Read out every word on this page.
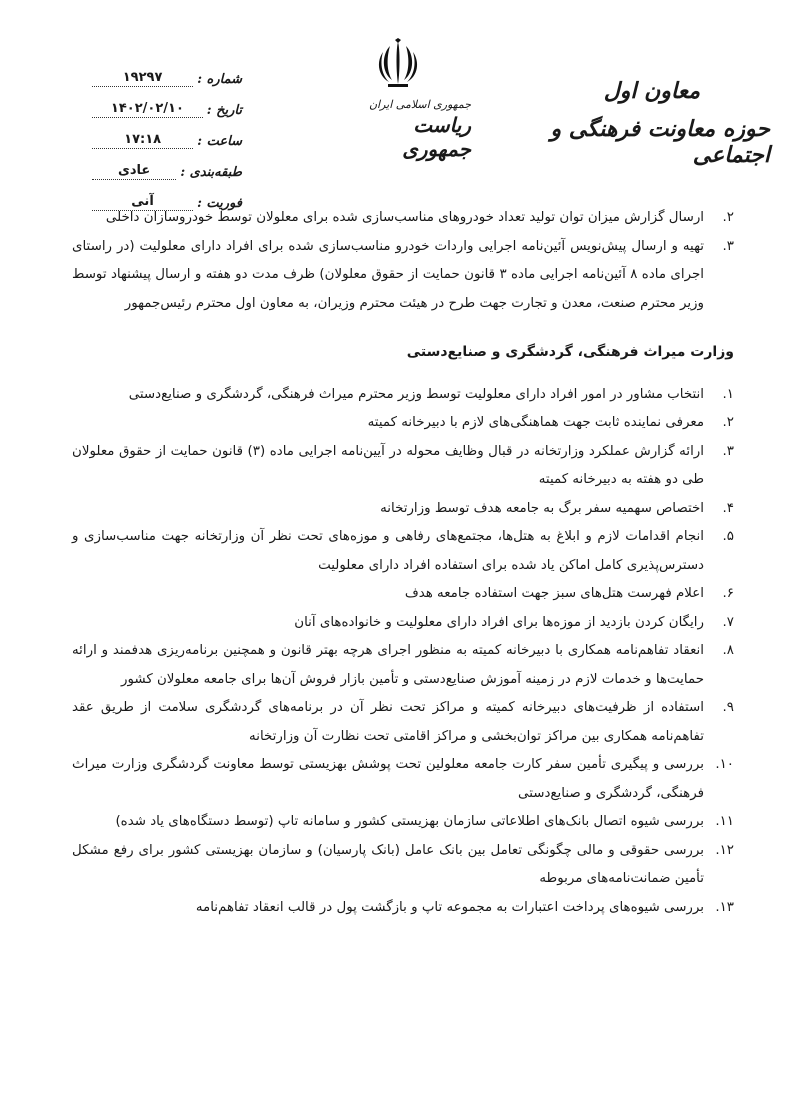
معاون اول
حوزه معاونت فرهنگی و اجتماعی
جمهوری اسلامی ایران
ریاست جمهوری
شماره :
۱۹۲۹۷
تاریخ :
۱۴۰۲/۰۲/۱۰
ساعت :
۱۷:۱۸
طبقه‌بندی :
عادی
فوریت :
آنی
۲.
ارسال گزارش میزان توان تولید تعداد خودروهای مناسب‌سازی شده برای معلولان توسط خودروسازان داخلی
۳.
تهیه و ارسال پیش‌نویس آئین‌نامه اجرایی واردات خودرو مناسب‌سازی شده برای افراد دارای معلولیت (در راستای اجرای ماده ۸ آئین‌نامه اجرایی ماده ۳ قانون حمایت از حقوق معلولان) ظرف مدت دو هفته و ارسال پیشنهاد توسط وزیر محترم صنعت، معدن و تجارت جهت طرح در هیئت محترم وزیران، به معاون اول محترم رئیس‌جمهور
وزارت میراث فرهنگی، گردشگری و صنایع‌دستی
۱.
انتخاب مشاور در امور افراد دارای معلولیت توسط وزیر محترم میراث فرهنگی، گردشگری و صنایع‌دستی
۲.
معرفی نماینده ثابت جهت هماهنگی‌های لازم با دبیرخانه کمیته
۳.
ارائه گزارش عملکرد وزارتخانه در قبال وظایف محوله در آیین‌نامه اجرایی ماده (۳) قانون حمایت از حقوق معلولان طی دو هفته به دبیرخانه کمیته
۴.
اختصاص سهمیه سفر برگ به جامعه هدف توسط وزارتخانه
۵.
انجام اقدامات لازم و ابلاغ به هتل‌ها، مجتمع‌های رفاهی و موزه‌های تحت نظر آن وزارتخانه جهت مناسب‌سازی و دسترس‌پذیری کامل اماکن یاد شده برای استفاده افراد دارای معلولیت
۶.
اعلام فهرست هتل‌های سبز جهت استفاده جامعه هدف
۷.
رایگان کردن بازدید از موزه‌ها برای افراد دارای معلولیت و خانواده‌های آنان
۸.
انعقاد تفاهم‌نامه همکاری با دبیرخانه کمیته به منظور اجرای هرچه بهتر قانون و همچنین برنامه‌ریزی هدفمند و ارائه حمایت‌ها و خدمات لازم در زمینه آموزش صنایع‌دستی و تأمین بازار فروش آن‌ها برای جامعه معلولان کشور
۹.
استفاده از ظرفیت‌های دبیرخانه کمیته و مراکز تحت نظر آن در برنامه‌های گردشگری سلامت از طریق عقد تفاهم‌نامه همکاری بین مراکز توان‌بخشی و مراکز اقامتی تحت نظارت آن وزارتخانه
۱۰.
بررسی و پیگیری تأمین سفر کارت جامعه معلولین تحت پوشش بهزیستی توسط معاونت گردشگری وزارت میراث فرهنگی، گردشگری و صنایع‌دستی
۱۱.
بررسی شیوه اتصال بانک‌های اطلاعاتی سازمان بهزیستی کشور و سامانه تاپ (توسط دستگاه‌های یاد شده)
۱۲.
بررسی حقوقی و مالی چگونگی تعامل بین بانک عامل (بانک پارسیان) و سازمان بهزیستی کشور برای رفع مشکل تأمین ضمانت‌نامه‌های مربوطه
۱۳.
بررسی شیوه‌های پرداخت اعتبارات به مجموعه تاپ و بازگشت پول در قالب انعقاد تفاهم‌نامه
